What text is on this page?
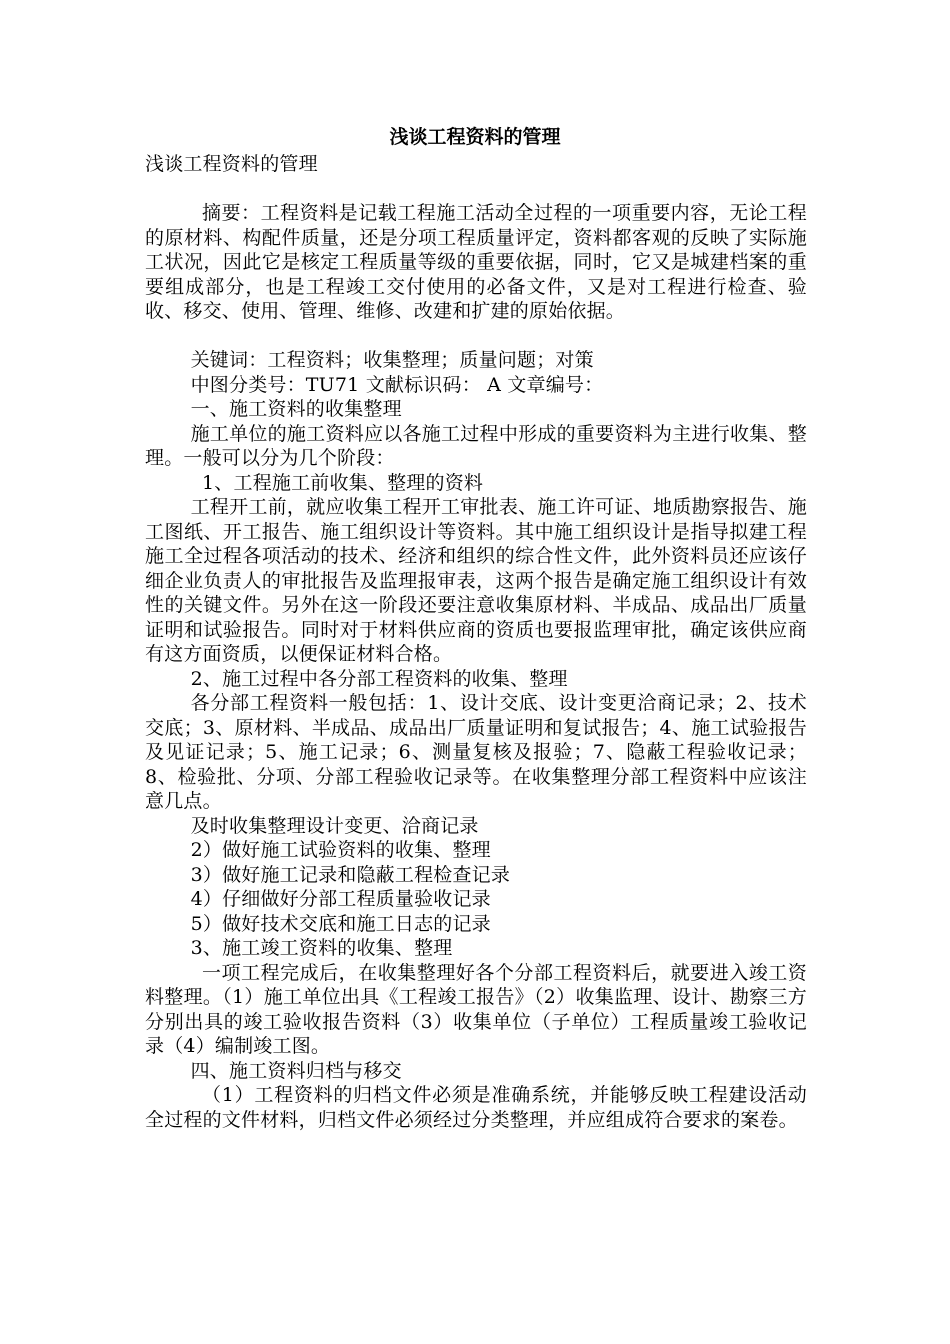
浅谈工程资料的管理

浅谈工程资料的管理

摘要：工程资料是记载工程施工活动全过程的一项重要内容，无论工程的原材料、构配件质量，还是分项工程质量评定，资料都客观的反映了实际施工状况，因此它是核定工程质量等级的重要依据，同时，它又是城建档案的重要组成部分，也是工程竣工交付使用的必备文件，又是对工程进行检查、验收、移交、使用、管理、维修、改建和扩建的原始依据。

关键词：工程资料；收集整理；质量问题；对策

中图分类号：TU71 文献标识码： A 文章编号：

一、施工资料的收集整理

施工单位的施工资料应以各施工过程中形成的重要资料为主进行收集、整理。一般可以分为几个阶段：

1、工程施工前收集、整理的资料

工程开工前，就应收集工程开工审批表、施工许可证、地质勘察报告、施工图纸、开工报告、施工组织设计等资料。其中施工组织设计是指导拟建工程施工全过程各项活动的技术、经济和组织的综合性文件，此外资料员还应该仔细企业负责人的审批报告及监理报审表，这两个报告是确定施工组织设计有效性的关键文件。另外在这一阶段还要注意收集原材料、半成品、成品出厂质量证明和试验报告。同时对于材料供应商的资质也要报监理审批，确定该供应商有这方面资质，以便保证材料合格。

2、施工过程中各分部工程资料的收集、整理

各分部工程资料一般包括：1、设计交底、设计变更洽商记录；2、技术交底；3、原材料、半成品、成品出厂质量证明和复试报告；4、施工试验报告及见证记录；5、施工记录；6、测量复核及报验；7、隐蔽工程验收记录；8、检验批、分项、分部工程验收记录等。在收集整理分部工程资料中应该注意几点。

及时收集整理设计变更、洽商记录

2）做好施工试验资料的收集、整理

3）做好施工记录和隐蔽工程检查记录

4）仔细做好分部工程质量验收记录

5）做好技术交底和施工日志的记录

3、施工竣工资料的收集、整理

一项工程完成后，在收集整理好各个分部工程资料后，就要进入竣工资料整理。（1）施工单位出具《工程竣工报告》（2）收集监理、设计、勘察三方分别出具的竣工验收报告资料（3）收集单位（子单位）工程质量竣工验收记录（4）编制竣工图。

四、施工资料归档与移交

（1）工程资料的归档文件必须是准确系统，并能够反映工程建设活动全过程的文件材料，归档文件必须经过分类整理，并应组成符合要求的案卷。
